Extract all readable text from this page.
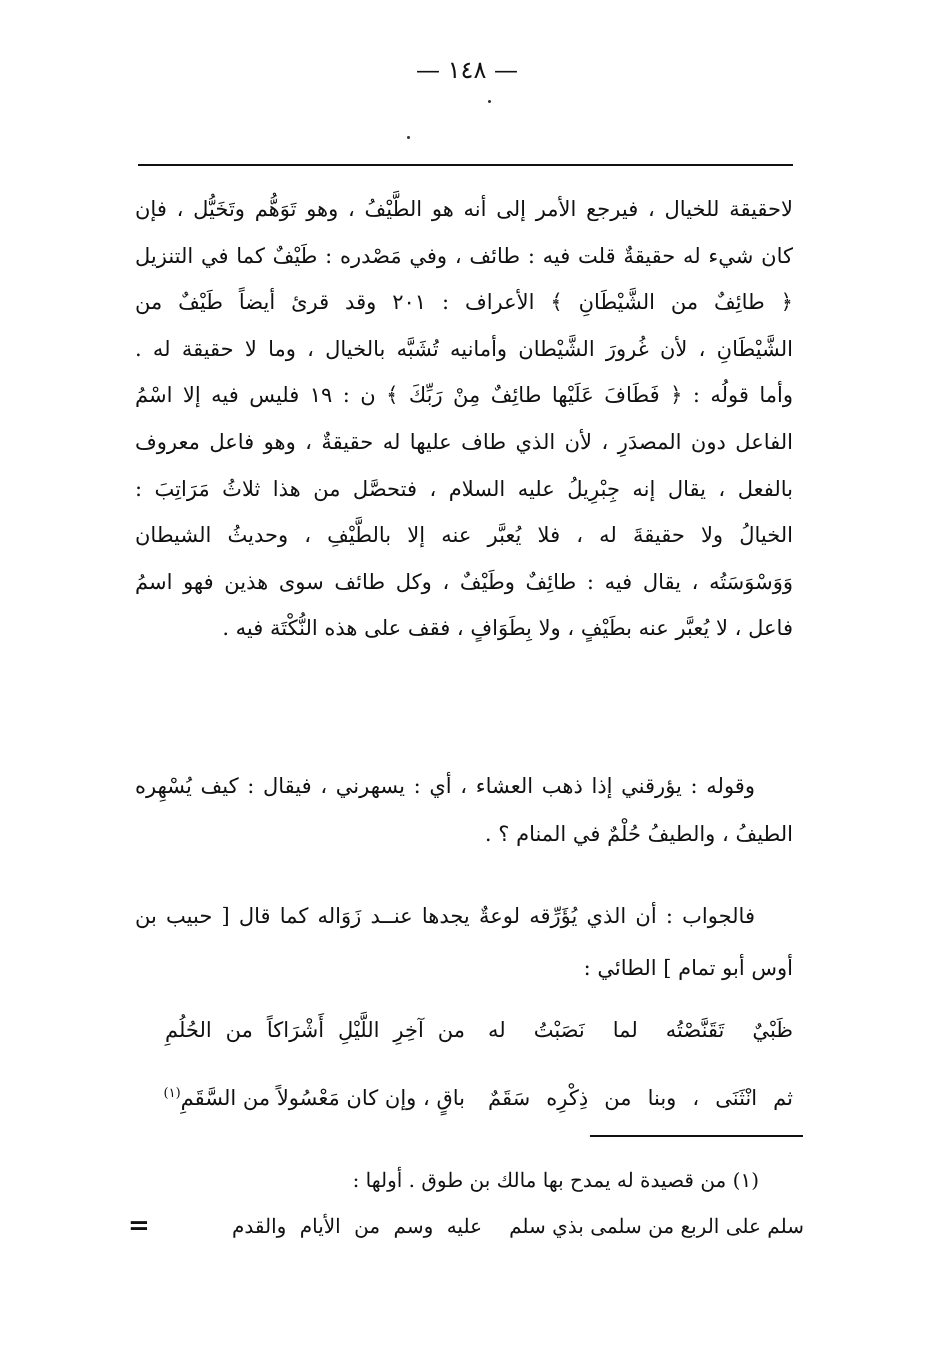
— ١٤٨ —
لاحقيقة للخيال ، فيرجع الأمر إلى أنه هو الطَّيْفُ ، وهو تَوَهُّم وتَخَيُّل ، فإن
كان شيء له حقيقةٌ قلت فيه : طائف ، وفي مَصْدره : طَيْفٌ كما في التنزيل
﴿ طائِفٌ من الشَّيْطَانِ ﴾ الأعراف : ٢٠١ وقد قرئ أيضاً طَيْفٌ من
الشَّيْطَانِ ، لأن غُرورَ الشَّيْطان وأمانيه تُشَبَّه بالخيال ، وما لا حقيقة له .
وأما قولُه : ﴿ فَطَافَ عَلَيْها طائِفٌ مِنْ رَبِّكَ ﴾ ن : ١٩ فليس فيه إلا اسْمُ
الفاعل دون المصدَرِ ، لأن الذي طاف عليها له حقيقةٌ ، وهو فاعل معروف
بالفعل ، يقال إنه جِبْرِيلُ عليه السلام ، فتحصَّل من هذا ثلاثُ مَرَاتِبَ :
الخيالُ ولا حقيقةَ له ، فلا يُعبَّر عنه إلا بالطَّيْفِ ، وحديثُ الشيطان
وَوَسْوَسَتُه ، يقال فيه : طائِفٌ وطَيْفٌ ، وكل طائف سوى هذين فهو اسمُ
فاعل ، لا يُعبَّر عنه بطَيْفٍ ، ولا بِطَوَافٍ ، فقف على هذه النُّكْتَة فيه .
وقوله : يؤرقني إذا ذهب العشاء ، أي : يسهرني ، فيقال : كيف يُسْهِره
الطيفُ ، والطيفُ حُلْمٌ في المنام ؟ .
فالجواب : أن الذي يُؤَرِّقه لوعةٌ يجدها عنــد زَوَاله كما قال [ حبيب بن
أوس أبو تمام ] الطائي :
ظَبْيٌ تَقَنَّصْتُه لما نَصَبْتُ له
من آخِرِ اللَّيْلِ أَشْرَاكاً من الحُلُمِ
ثم انْثَنَى ، وبنا من ذِكْرِه سَقَمٌ
باقٍ ، وإن كان مَعْسُولاً من السَّقَمِ$^{(١)}$
(١) من قصيدة له يمدح بها مالك بن طوق . أولها :
سلم على الربع من سلمى بذي سلم
عليه وسم من الأيام والقدم
=
